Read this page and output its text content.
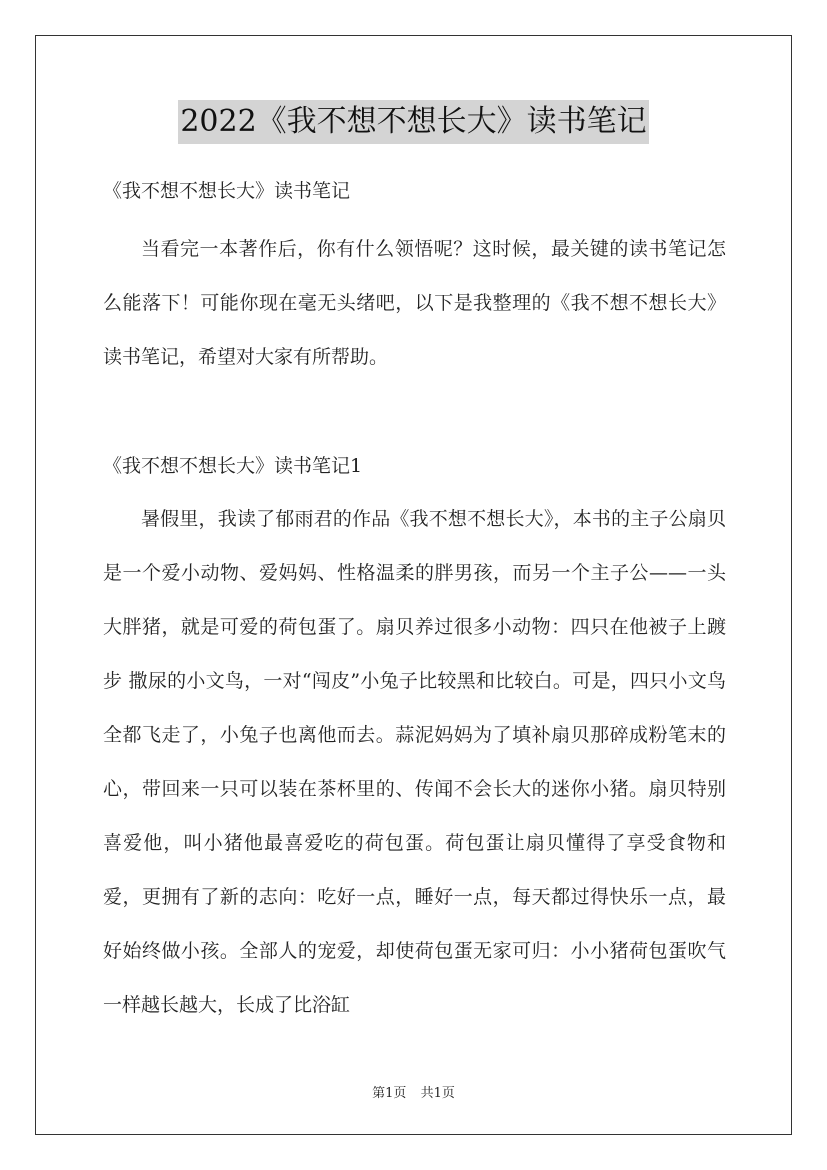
2022《我不想不想长大》读书笔记

《我不想不想长大》读书笔记

当看完一本著作后，你有什么领悟呢？这时候，最关键的读书笔记怎么能落下！可能你现在毫无头绪吧，以下是我整理的《我不想不想长大》读书笔记，希望对大家有所帮助。

《我不想不想长大》读书笔记1

暑假里，我读了郁雨君的作品《我不想不想长大》，本书的主子公扇贝是一个爱小动物、爱妈妈、性格温柔的胖男孩，而另一个主子公——一头大胖猪，就是可爱的荷包蛋了。扇贝养过很多小动物：四只在他被子上踱步 撒尿的小文鸟，一对“闯皮”小兔子比较黑和比较白。可是，四只小文鸟全都飞走了，小兔子也离他而去。蒜泥妈妈为了填补扇贝那碎成粉笔末的心，带回来一只可以装在茶杯里的、传闻不会长大的迷你小猪。扇贝特别喜爱他，叫小猪他最喜爱吃的荷包蛋。荷包蛋让扇贝懂得了享受食物和爱，更拥有了新的志向：吃好一点，睡好一点，每天都过得快乐一点，最好始终做小孩。全部人的宠爱，却使荷包蛋无家可归：小小猪荷包蛋吹气一样越长越大，长成了比浴缸

第1页 共1页
